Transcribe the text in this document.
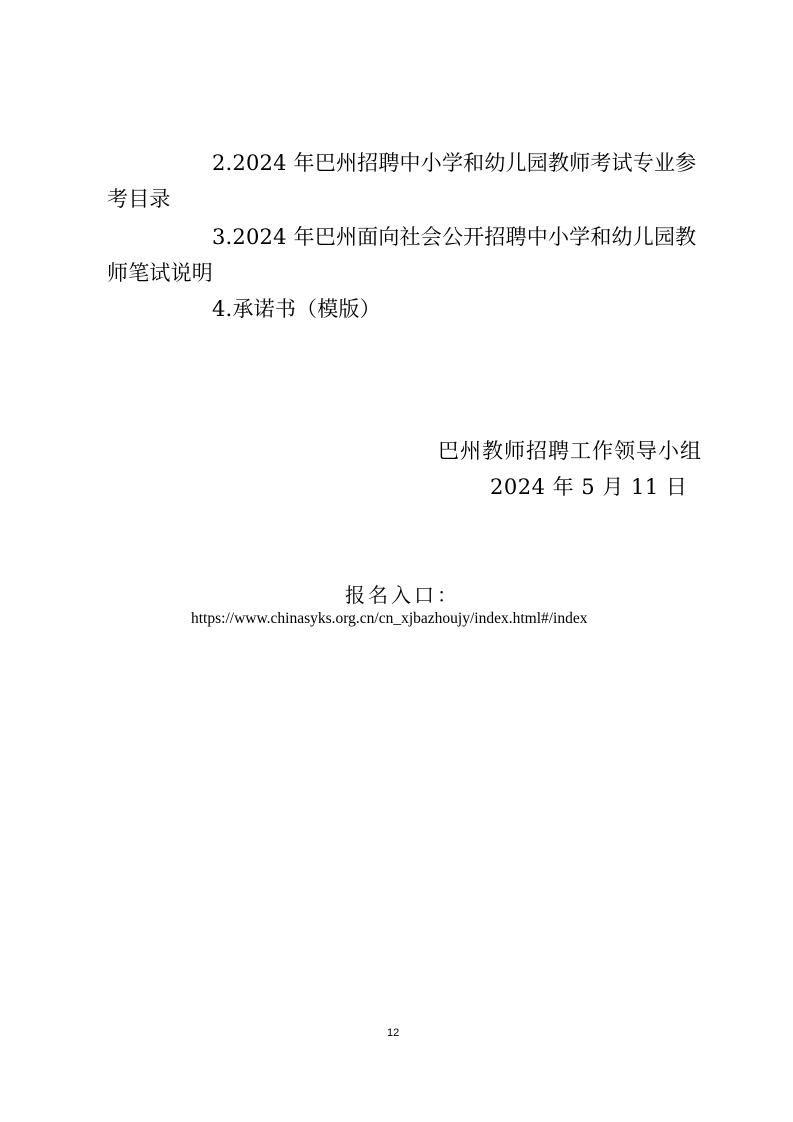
2.2024 年巴州招聘中小学和幼儿园教师考试专业参
考目录
3.2024 年巴州面向社会公开招聘中小学和幼儿园教
师笔试说明
4.承诺书（模版）
巴州教师招聘工作领导小组
2024 年 5 月 11 日
报名入口：
https://www.chinasyks.org.cn/cn_xjbazhoujy/index.html#/index
12
